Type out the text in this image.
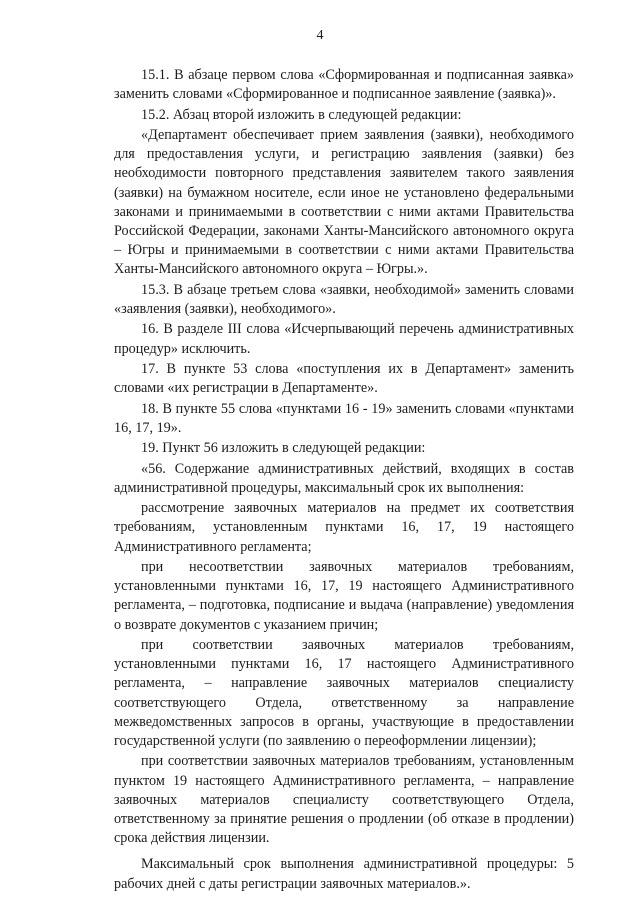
4

15.1. В абзаце первом слова «Сформированная и подписанная заявка» заменить словами «Сформированное и подписанное заявление (заявка)».

15.2. Абзац второй изложить в следующей редакции:

«Департамент обеспечивает прием заявления (заявки), необходимого для предоставления услуги, и регистрацию заявления (заявки) без необходимости повторного представления заявителем такого заявления (заявки) на бумажном носителе, если иное не установлено федеральными законами и принимаемыми в соответствии с ними актами Правительства Российской Федерации, законами Ханты-Мансийского автономного округа – Югры и принимаемыми в соответствии с ними актами Правительства Ханты-Мансийского автономного округа – Югры.».

15.3. В абзаце третьем слова «заявки, необходимой» заменить словами «заявления (заявки), необходимого».

16. В разделе III слова «Исчерпывающий перечень административных процедур» исключить.

17. В пункте 53 слова «поступления их в Департамент» заменить словами «их регистрации в Департаменте».

18. В пункте 55 слова «пунктами 16 - 19» заменить словами «пунктами 16, 17, 19».

19. Пункт 56 изложить в следующей редакции:

«56. Содержание административных действий, входящих в состав административной процедуры, максимальный срок их выполнения:

рассмотрение заявочных материалов на предмет их соответствия требованиям, установленным пунктами 16, 17, 19 настоящего Административного регламента;

при несоответствии заявочных материалов требованиям, установленными пунктами 16, 17, 19 настоящего Административного регламента, – подготовка, подписание и выдача (направление) уведомления о возврате документов с указанием причин;

при соответствии заявочных материалов требованиям, установленными пунктами 16, 17 настоящего Административного регламента, – направление заявочных материалов специалисту соответствующего Отдела, ответственному за направление межведомственных запросов в органы, участвующие в предоставлении государственной услуги (по заявлению о переоформлении лицензии);

при соответствии заявочных материалов требованиям, установленным пунктом 19 настоящего Административного регламента, – направление заявочных материалов специалисту соответствующего Отдела, ответственному за принятие решения о продлении (об отказе в продлении) срока действия лицензии.

Максимальный срок выполнения административной процедуры: 5 рабочих дней с даты регистрации заявочных материалов.».
